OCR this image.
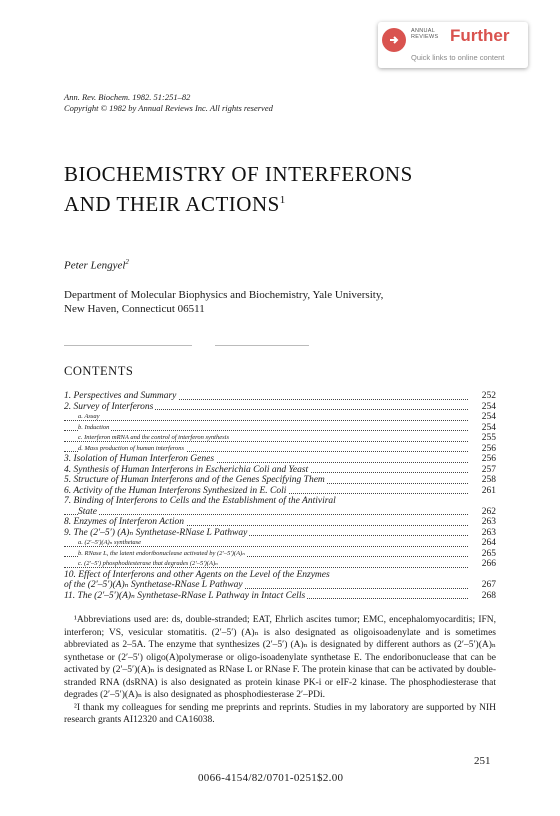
ANNUAL
REVIEWS Further
Quick links to online content
Ann. Rev. Biochem. 1982. 51:251–82
Copyright © 1982 by Annual Reviews Inc. All rights reserved
BIOCHEMISTRY OF INTERFERONS
AND THEIR ACTIONS$^1$
Peter Lengyel$^2$
Department of Molecular Biophysics and Biochemistry, Yale University,
New Haven, Connecticut 06511
CONTENTS
1. Perspectives and Summary	252
2. Survey of Interferons	254
a. Assay	254
b. Induction	254
c. Interferon mRNA and the control of interferon synthesis	255
d. Mass production of human interferons	256
3. Isolation of Human Interferon Genes	256
4. Synthesis of Human Interferons in Escherichia Coli and Yeast	257
5. Structure of Human Interferons and of the Genes Specifying Them	258
6. Activity of the Human Interferons Synthesized in E. Coli	261
7. Binding of Interferons to Cells and the Establishment of the Antiviral
State	262
8. Enzymes of Interferon Action	263
9. The (2′–5′) (A)ₙ Synthetase-RNase L Pathway	263
a. (2′–5′)(A)ₙ synthetase	264
b. RNase L, the latent endoribonuclease activated by (2′–5′)(A)ₙ	265
c. (2′–5′) phosphodiesterase that degrades (2′–5′)(A)ₙ	266
10. Effect of Interferons and other Agents on the Level of the Enzymes
of the (2′–5′)(A)ₙ Synthetase-RNase L Pathway	267
11. The (2′–5′)(A)ₙ Synthetase-RNase L Pathway in Intact Cells	268

¹Abbreviations used are: ds, double-stranded; EAT, Ehrlich ascites tumor; EMC, encephalomyocarditis; IFN, interferon; VS, vesicular stomatitis. (2′–5′) (A)ₙ is also designated as oligoisoadenylate and is sometimes abbreviated as 2–5A. The enzyme that synthesizes (2′–5′) (A)ₙ is designated by different authors as (2′–5′)(A)ₙ synthetase or (2′–5′) oligo(A)polymerase or oligo-isoadenylate synthetase E. The endoribonuclease that can be activated by (2′–5′)(A)ₙ is designated as RNase L or RNase F. The protein kinase that can be activated by double-stranded RNA (dsRNA) is also designated as protein kinase PK-i or eIF-2 kinase. The phosphodiesterase that degrades (2′–5′)(A)ₙ is also designated as phosphodiesterase 2′–PDi.

²I thank my colleagues for sending me preprints and reprints. Studies in my laboratory are supported by NIH research grants AI12320 and CA16038.

251
0066-4154/82/0701-0251$2.00
